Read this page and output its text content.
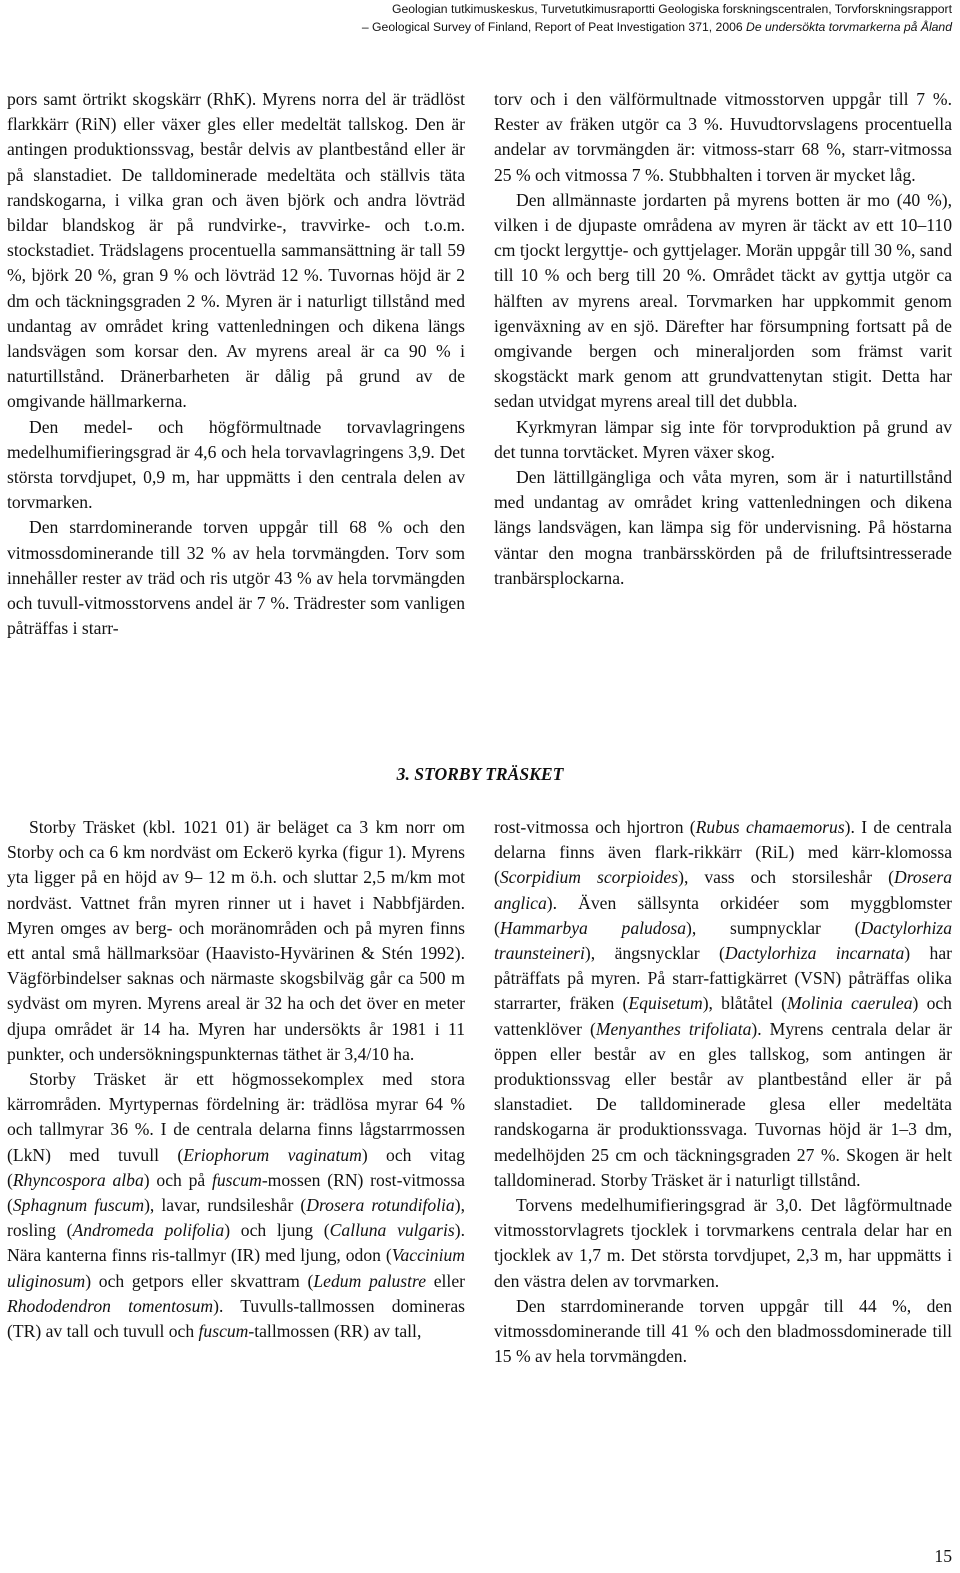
Geologian tutkimuskeskus, Turvetutkimusraportti Geologiska forskningscentralen, Torvforskningsrapport
– Geological Survey of Finland, Report of Peat Investigation 371, 2006 De undersökta torvmarkerna på Åland

pors samt örtrikt skogskärr (RhK). Myrens norra del är trädlöst flarkkärr (RiN) eller växer gles eller medeltät tallskog. Den är antingen produktionssvag, består delvis av plantbestånd eller är på slanstadiet. De talldominerade medeltäta och ställvis täta randskogarna, i vilka gran och även björk och andra lövträd bildar blandskog är på rundvirke-, travvirke- och t.o.m. stockstadiet. Trädslagens procentuella sammansättning är tall 59 %, björk 20 %, gran 9 % och lövträd 12 %. Tuvornas höjd är 2 dm och täckningsgraden 2 %. Myren är i naturligt tillstånd med undantag av området kring vattenledningen och dikena längs landsvägen som korsar den. Av myrens areal är ca 90 % i naturtillstånd. Dränerbarheten är dålig på grund av de omgivande hällmarkerna.

Den medel- och högförmultnade torvavlagringens medelhumifieringsgrad är 4,6 och hela torvavlagringens 3,9. Det största torvdjupet, 0,9 m, har uppmätts i den centrala delen av torvmarken.

Den starrdominerande torven uppgår till 68 % och den vitmossdominerande till 32 % av hela torvmängden. Torv som innehåller rester av träd och ris utgör 43 % av hela torvmängden och tuvull-vitmosstorvens andel är 7 %. Trädrester som vanligen påträffas i starr-

torv och i den välförmultnade vitmosstorven uppgår till 7 %. Rester av fräken utgör ca 3 %. Huvudtorvslagens procentuella andelar av torvmängden är: vitmoss-starr 68 %, starr-vitmossa 25 % och vitmossa 7 %. Stubbhalten i torven är mycket låg.

Den allmännaste jordarten på myrens botten är mo (40 %), vilken i de djupaste områdena av myren är täckt av ett 10–110 cm tjockt lergyttje- och gyttjelager. Morän uppgår till 30 %, sand till 10 % och berg till 20 %. Området täckt av gyttja utgör ca hälften av myrens areal. Torvmarken har uppkommit genom igenväxning av en sjö. Därefter har försumpning fortsatt på de omgivande bergen och mineraljorden som främst varit skogstäckt mark genom att grundvattenytan stigit. Detta har sedan utvidgat myrens areal till det dubbla.

Kyrkmyran lämpar sig inte för torvproduktion på grund av det tunna torvtäcket. Myren växer skog.

Den lättillgängliga och våta myren, som är i naturtillstånd med undantag av området kring vattenledningen och dikena längs landsvägen, kan lämpa sig för undervisning. På höstarna väntar den mogna tranbärsskörden på de friluftsintresserade tranbärsplockarna.

3. STORBY TRÄSKET

Storby Träsket (kbl. 1021 01) är beläget ca 3 km norr om Storby och ca 6 km nordväst om Eckerö kyrka (figur 1). Myrens yta ligger på en höjd av 9– 12 m ö.h. och sluttar 2,5 m/km mot nordväst. Vattnet från myren rinner ut i havet i Nabbfjärden. Myren omges av berg- och moränområden och på myren finns ett antal små hällmarksöar (Haavisto-Hyvärinen & Stén 1992). Vägförbindelser saknas och närmaste skogsbilväg går ca 500 m sydväst om myren. Myrens areal är 32 ha och det över en meter djupa området är 14 ha. Myren har undersökts år 1981 i 11 punkter, och undersökningspunkternas täthet är 3,4/10 ha.

Storby Träsket är ett högmossekomplex med stora kärrområden. Myrtypernas fördelning är: trädlösa myrar 64 % och tallmyrar 36 %. I de centrala delarna finns lågstarrmossen (LkN) med tuvull (Eriophorum vaginatum) och vitag (Rhyncospora alba) och på fuscum-mossen (RN) rost-vitmossa (Sphagnum fuscum), lavar, rundsileshår (Drosera rotundifolia), rosling (Andromeda polifolia) och ljung (Calluna vulgaris). Nära kanterna finns ris-tallmyr (IR) med ljung, odon (Vaccinium uliginosum) och getpors eller skvattram (Ledum palustre eller Rhododendron tomentosum). Tuvulls-tallmossen domineras (TR) av tall och tuvull och fuscum-tallmossen (RR) av tall,

rost-vitmossa och hjortron (Rubus chamaemorus). I de centrala delarna finns även flark-rikkärr (RiL) med kärr-klomossa (Scorpidium scorpioides), vass och storsileshår (Drosera anglica). Även sällsynta orkidéer som myggblomster (Hammarbya paludosa), sumpnycklar (Dactylorhiza traunsteineri), ängsnycklar (Dactylorhiza incarnata) har påträffats på myren. På starr-fattigkärret (VSN) påträffas olika starrarter, fräken (Equisetum), blåtåtel (Molinia caerulea) och vattenklöver (Menyanthes trifoliata). Myrens centrala delar är öppen eller består av en gles tallskog, som antingen är produktionssvag eller består av plantbestånd eller är på slanstadiet. De talldominerade glesa eller medeltäta randskogarna är produktionssvaga. Tuvornas höjd är 1–3 dm, medelhöjden 25 cm och täckningsgraden 27 %. Skogen är helt talldominerad. Storby Träsket är i naturligt tillstånd.

Torvens medelhumifieringsgrad är 3,0. Det lågförmultnade vitmosstorvlagrets tjocklek i torvmarkens centrala delar har en tjocklek av 1,7 m. Det största torvdjupet, 2,3 m, har uppmätts i den västra delen av torvmarken.

Den starrdominerande torven uppgår till 44 %, den vitmossdominerande till 41 % och den bladmossdominerade till 15 % av hela torvmängden.

15
